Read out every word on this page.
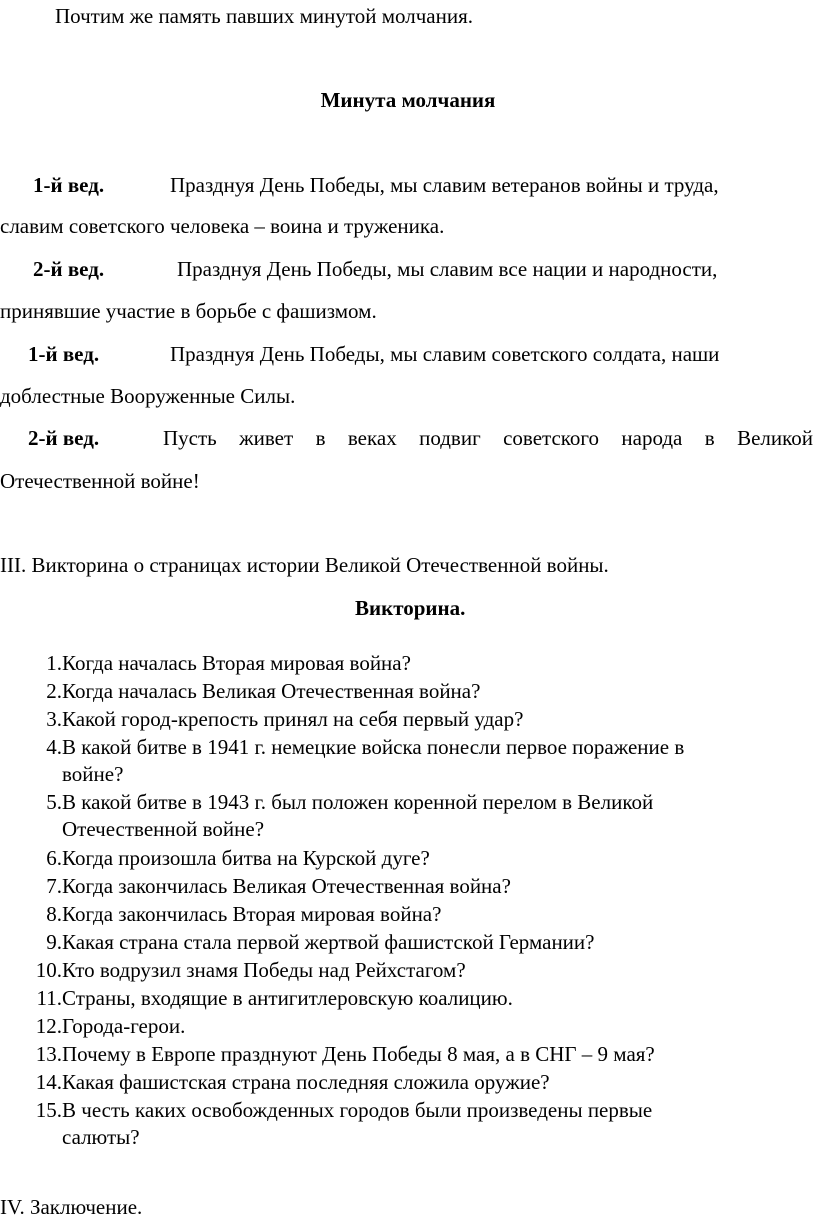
Почтим же память павших минутой молчания.
Минута молчания
1-й вед.	Празднуя День Победы, мы славим ветеранов войны и труда,
славим советского человека – воина и труженика.
2-й вед.	Празднуя День Победы, мы славим все нации и народности,
принявшие участие в борьбе с фашизмом.
1-й вед.	Празднуя День Победы, мы славим советского солдата, наши
доблестные Вооруженные Силы.
2-й вед.	Пусть живет в веках подвиг советского народа в Великой
Отечественной войне!
III. Викторина о страницах истории Великой Отечественной войны.
Викторина.
1. Когда началась Вторая мировая война?
2. Когда началась Великая Отечественная война?
3. Какой город-крепость принял на себя первый удар?
4. В какой битве в 1941 г. немецкие войска понесли первое поражение в
войне?
5. В какой битве в 1943 г. был положен коренной перелом в Великой
Отечественной войне?
6. Когда произошла битва на Курской дуге?
7. Когда закончилась Великая Отечественная война?
8. Когда закончилась Вторая мировая война?
9. Какая страна стала первой жертвой фашистской Германии?
10. Кто водрузил знамя Победы над Рейхстагом?
11. Страны, входящие в антигитлеровскую коалицию.
12. Города-герои.
13. Почему в Европе празднуют День Победы 8 мая, а в СНГ – 9 мая?
14. Какая фашистская страна последняя сложила оружие?
15. В честь каких освобожденных городов были произведены первые
салюты?
IV. Заключение.
